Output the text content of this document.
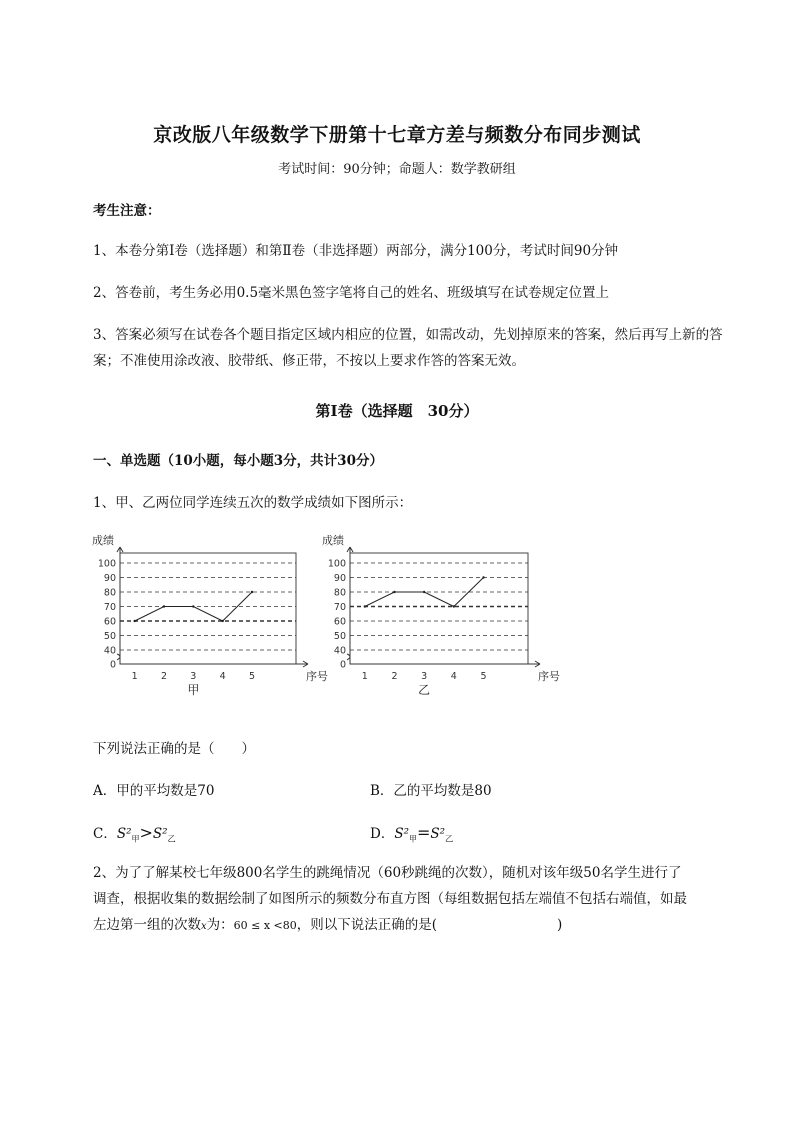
京改版八年级数学下册第十七章方差与频数分布同步测试
考试时间：90分钟；命题人：数学教研组
考生注意：
1、本卷分第I卷（选择题）和第Ⅱ卷（非选择题）两部分，满分100分，考试时间90分钟
2、答卷前，考生务必用0.5毫米黑色签字笔将自己的姓名、班级填写在试卷规定位置上
3、答案必须写在试卷各个题目指定区域内相应的位置，如需改动，先划掉原来的答案，然后再写上新的答案；不准使用涂改液、胶带纸、修正带，不按以上要求作答的答案无效。
第I卷（选择题　30分）
一、单选题（10小题，每小题3分，共计30分）
1、甲、乙两位同学连续五次的数学成绩如下图所示：
0
40
50
60
70
80
90
100
成绩
1 2 3 4 5	序号
甲
0
40
50
60
70
80
90
100
成绩
1 2 3 4 5	序号
乙
下列说法正确的是（　　）
A．甲的平均数是70	B．乙的平均数是80
C．$S^2_甲>S^2_乙$	D．$S^2_甲=S^2_乙$
2、为了了解某校七年级800名学生的跳绳情况（60秒跳绳的次数），随机对该年级50名学生进行了
调查，根据收集的数据绘制了如图所示的频数分布直方图（每组数据包括左端值不包括右端值，如最
左边第一组的次数x为：60 ≤ x <80，则以下说法正确的是(	)
